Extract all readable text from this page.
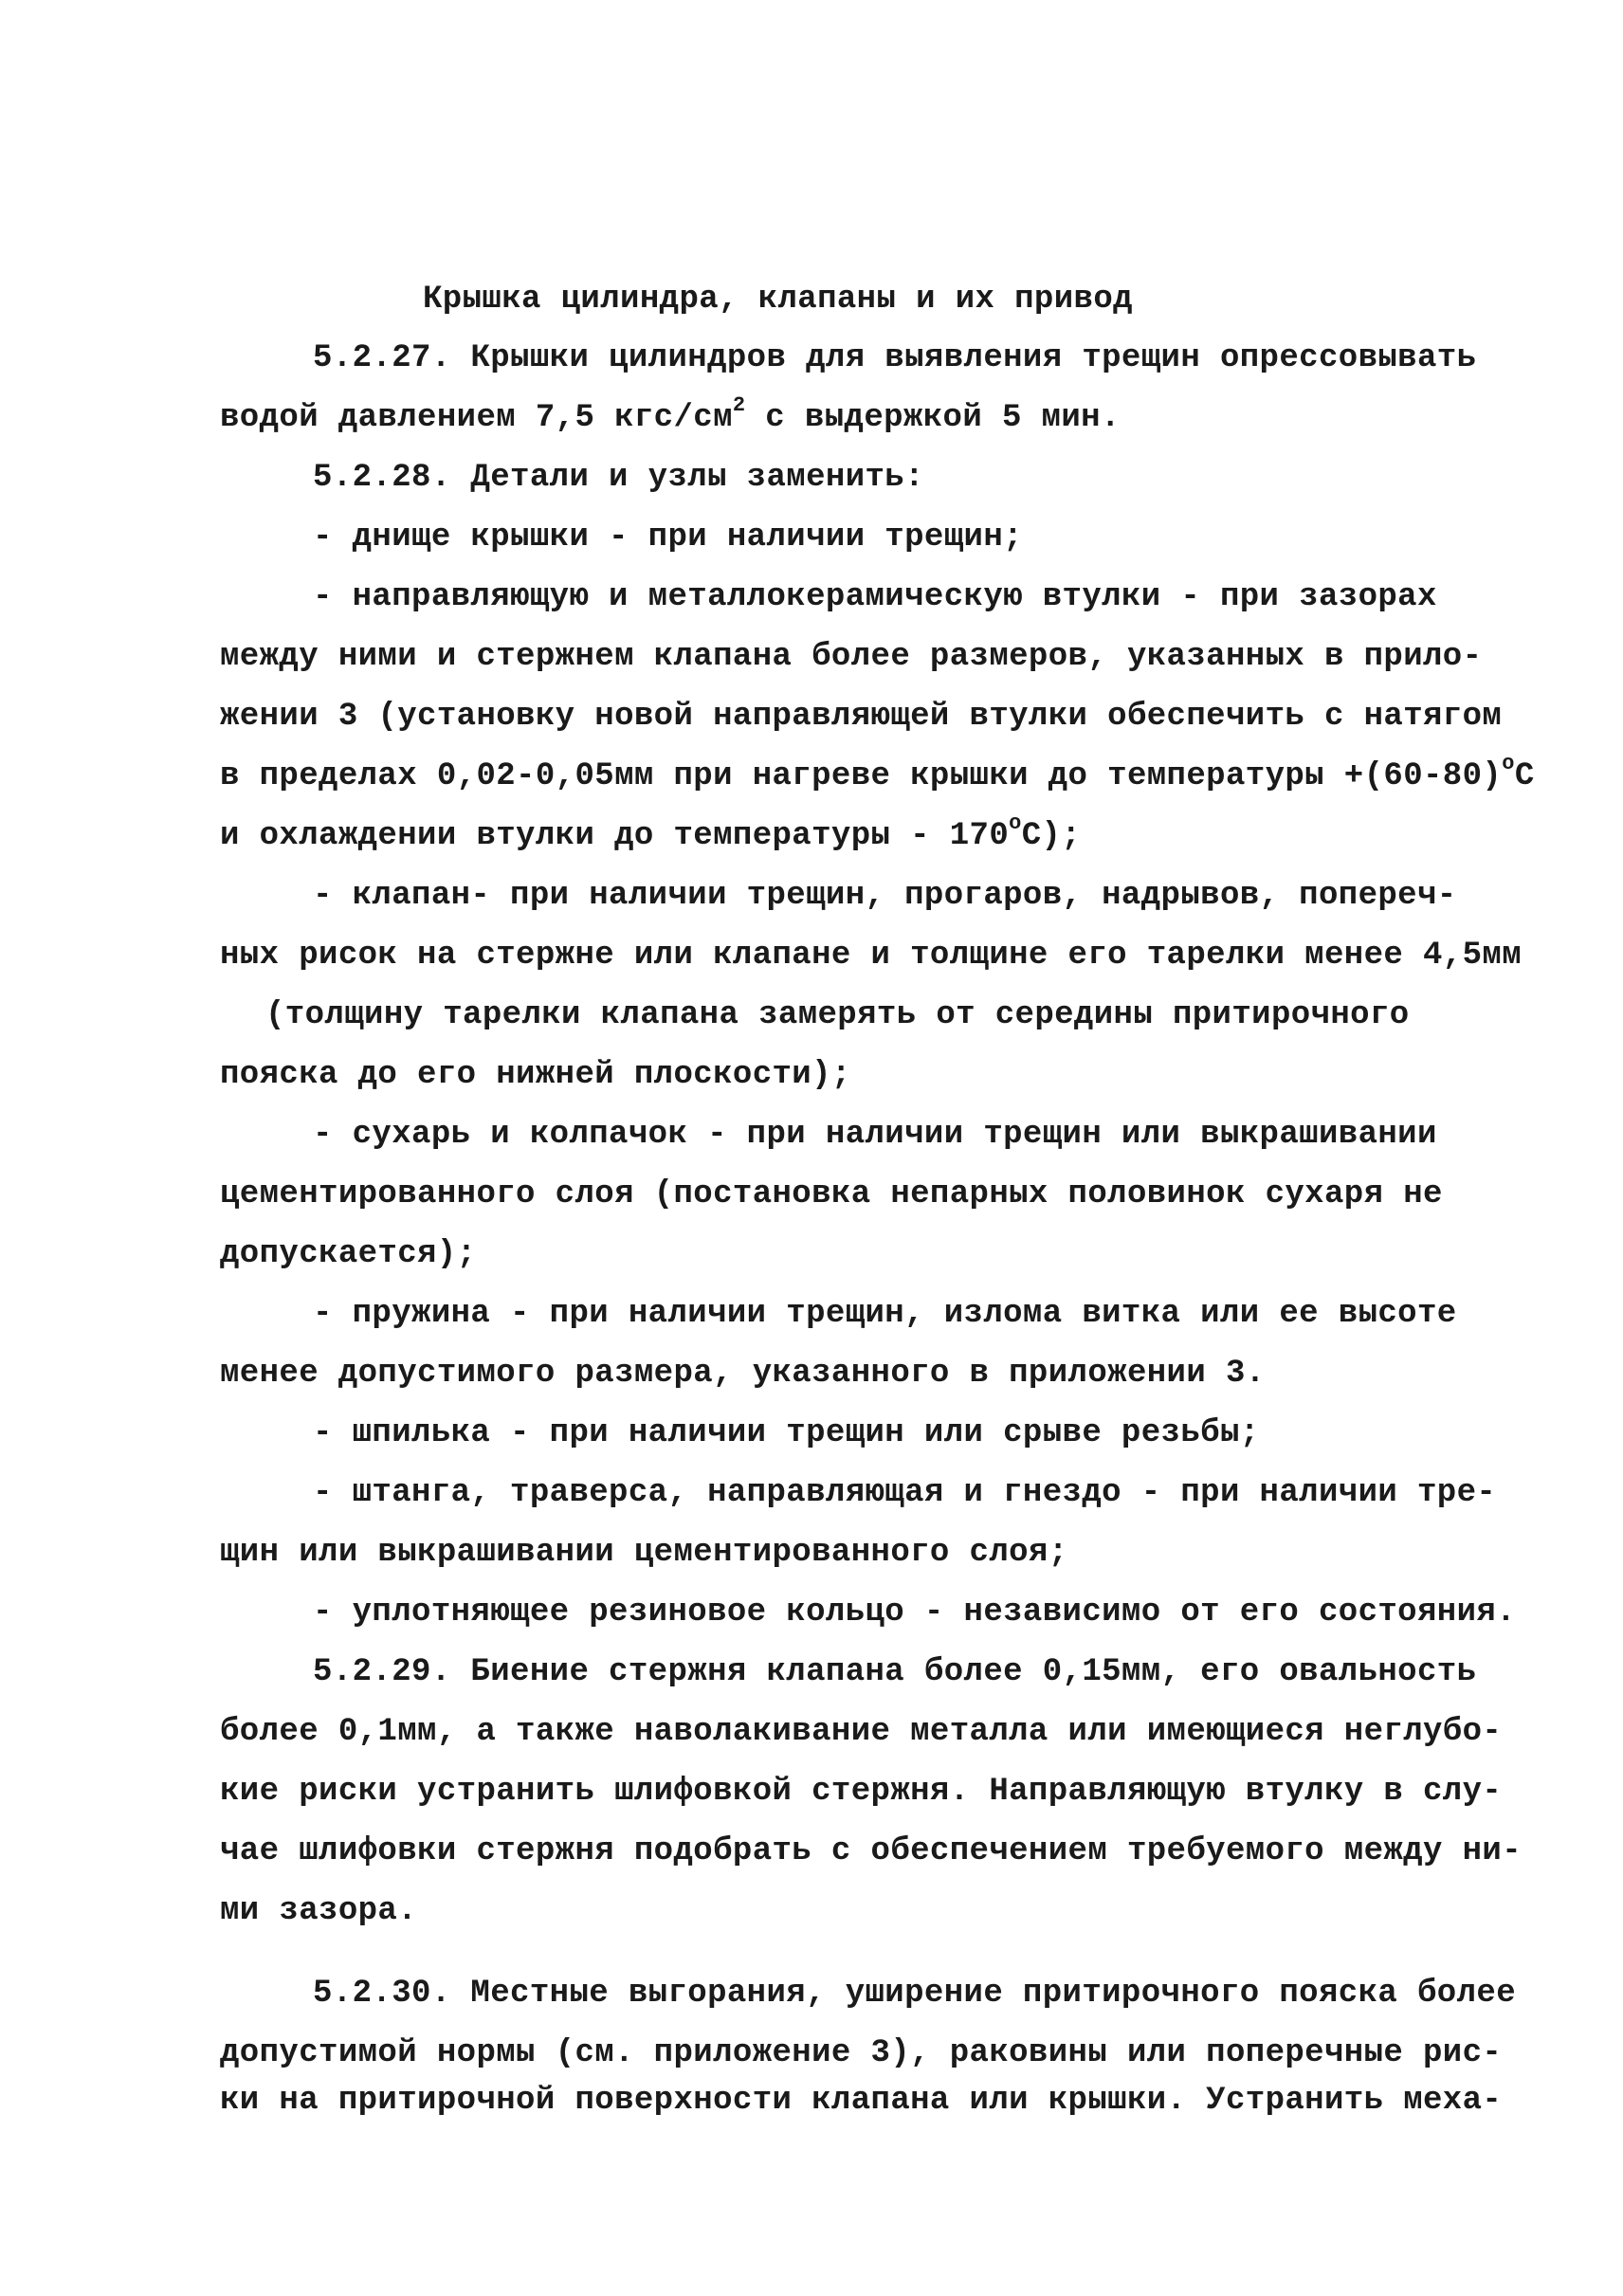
Крышка цилиндра, клапаны и их привод
5.2.27. Крышки цилиндров для выявления трещин опрессовывать
водой давлением 7,5 кгс/$см^2$ с выдержкой 5 мин.
5.2.28. Детали и узлы заменить:
- днище крышки - при наличии трещин;
- направляющую и металлокерамическую втулки - при зазорах
между ними и стержнем клапана более размеров, указанных в прило-
жении 3 (установку новой направляющей втулки обеспечить с натягом
в пределах 0,02-0,05мм при нагреве крышки до температуры $+(60-80)^oC$
и охлаждении втулки до температуры - 170$^o$C);
- клапан- при наличии трещин, прогаров, надрывов, попереч-
ных рисок на стержне или клапане и толщине его тарелки менее 4,5мм
(толщину тарелки клапана замерять от середины притирочного
пояска до его нижней плоскости);
- сухарь и колпачок - при наличии трещин или выкрашивании
цементированного слоя (постановка непарных половинок сухаря не
допускается);
- пружина - при наличии трещин, излома витка или ее высоте
менее допустимого размера, указанного в приложении 3.
- шпилька - при наличии трещин или срыве резьбы;
- штанга, траверса, направляющая и гнездо - при наличии тре-
щин или выкрашивании цементированного слоя;
- уплотняющее резиновое кольцо - независимо от его состояния.
5.2.29. Биение стержня клапана более 0,15мм, его овальность
более 0,1мм, а также наволакивание металла или имеющиеся неглубо-
кие риски устранить шлифовкой стержня. Направляющую втулку в слу-
чае шлифовки стержня подобрать с обеспечением требуемого между ни-
ми зазора.
5.2.30. Местные выгорания, уширение притирочного пояска более
допустимой нормы (см. приложение 3), раковины или поперечные рис-
ки на притирочной поверхности клапана или крышки. Устранить меха-
